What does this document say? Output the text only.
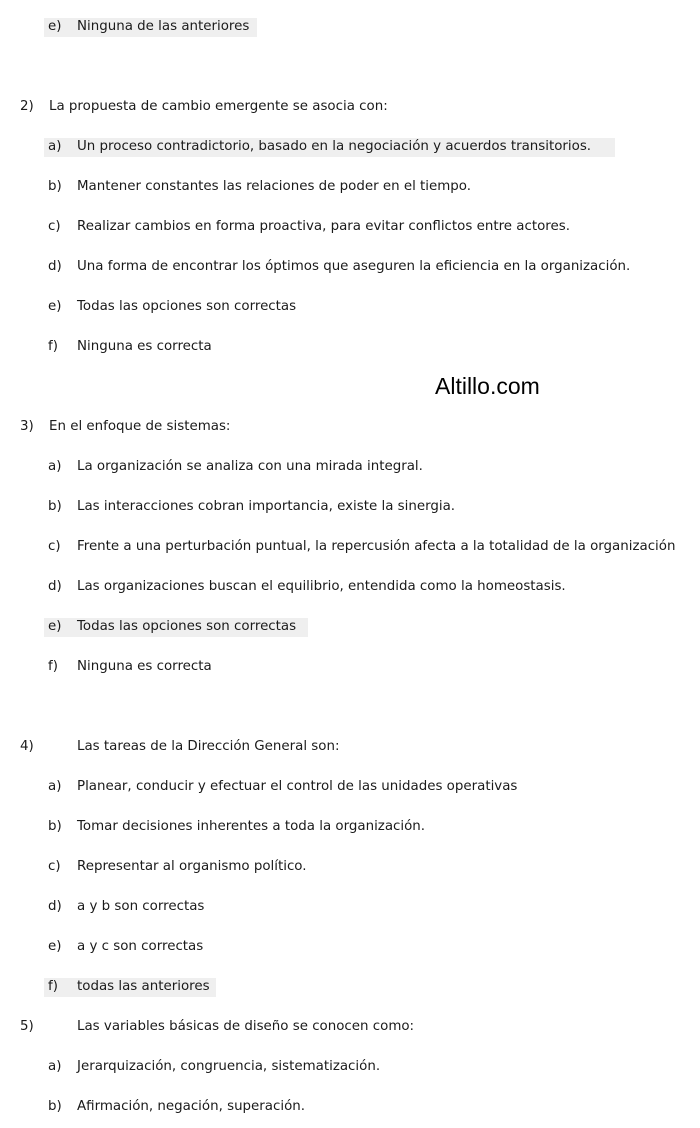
e) Ninguna de las anteriores
2) La propuesta de cambio emergente se asocia con:
a) Un proceso contradictorio, basado en la negociación y acuerdos transitorios.
b) Mantener constantes las relaciones de poder en el tiempo.
c) Realizar cambios en forma proactiva, para evitar conflictos entre actores.
d) Una forma de encontrar los óptimos que aseguren la eficiencia en la organización.
e) Todas las opciones son correctas
f) Ninguna es correcta
Altillo.com
3) En el enfoque de sistemas:
a) La organización se analiza con una mirada integral.
b) Las interacciones cobran importancia, existe la sinergia.
c) Frente a una perturbación puntual, la repercusión afecta a la totalidad de la organización
d) Las organizaciones buscan el equilibrio, entendida como la homeostasis.
e) Todas las opciones son correctas
f) Ninguna es correcta
4)	Las tareas de la Dirección General son:
a) Planear, conducir y efectuar el control de las unidades operativas
b) Tomar decisiones inherentes a toda la organización.
c) Representar al organismo político.
d) a y b son correctas
e) a y c son correctas
f) todas las anteriores
5)	Las variables básicas de diseño se conocen como:
a) Jerarquización, congruencia, sistematización.
b) Afirmación, negación, superación.
